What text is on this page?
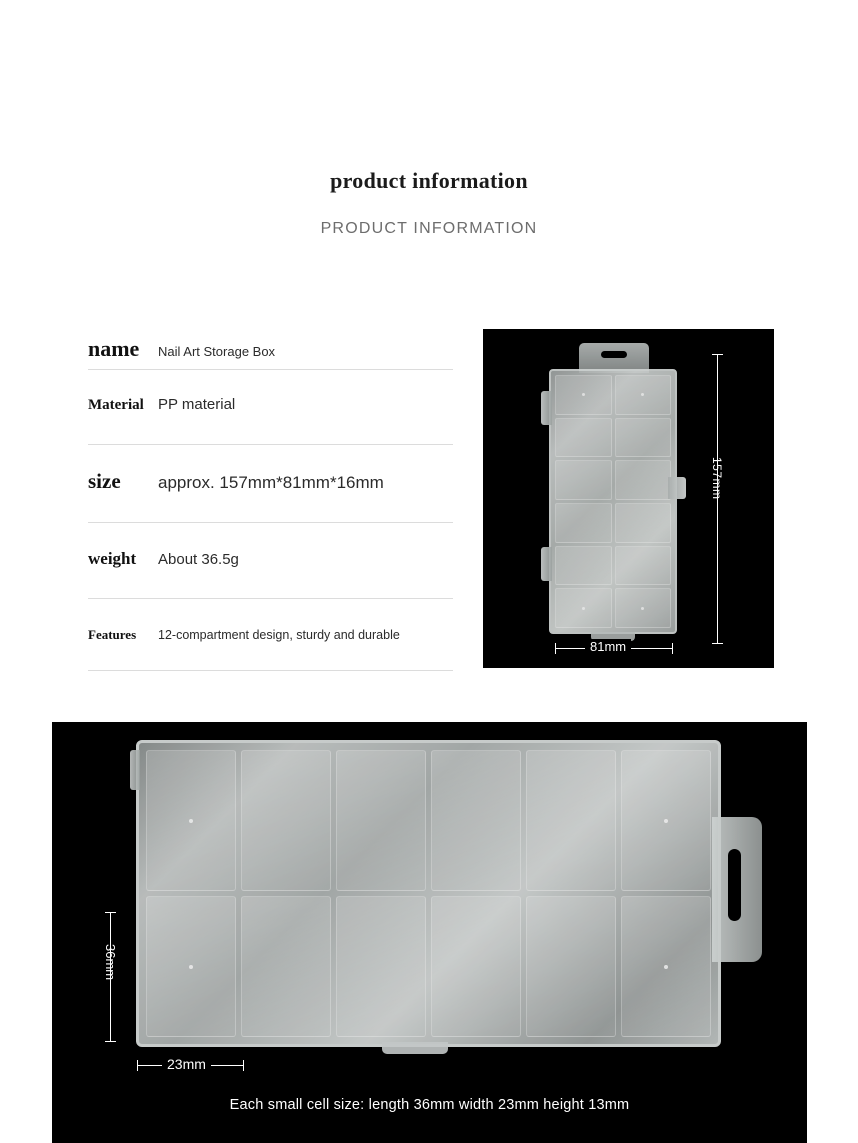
product information
PRODUCT INFORMATION
name	Nail Art Storage Box
Material PP material
size	approx. 157mm*81mm*16mm
weight	About 36.5g
Features	12-compartment design, sturdy and durable
157mm
81mm
36mm
23mm
Each small cell size: length 36mm width 23mm height 13mm
